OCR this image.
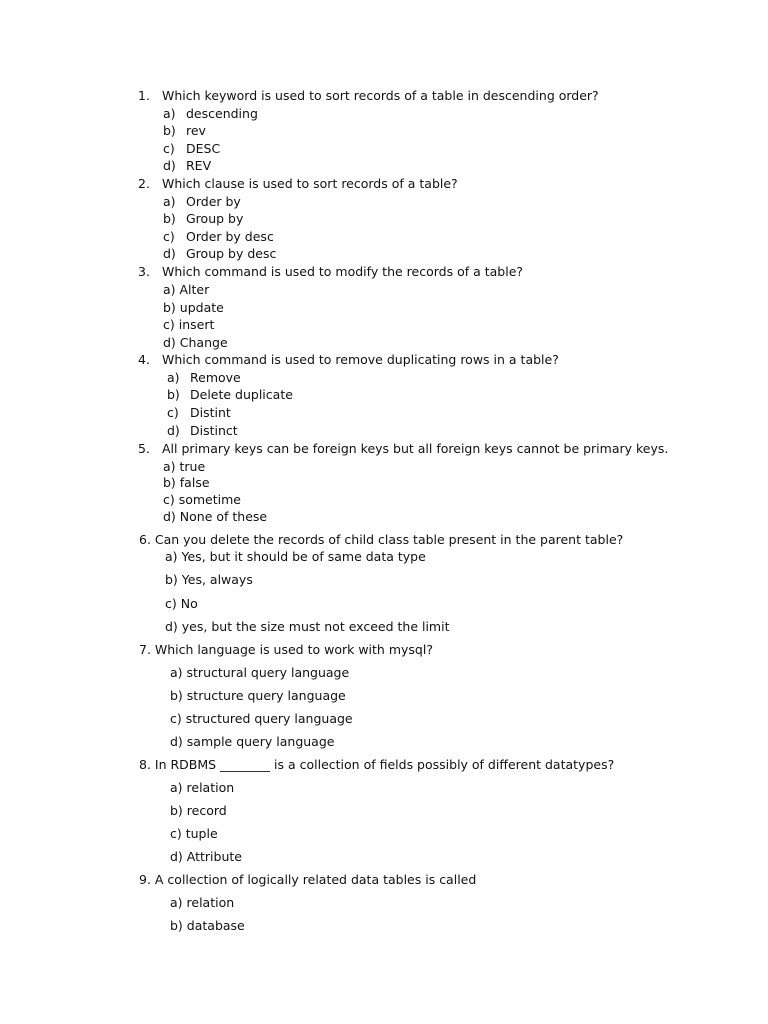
1. Which keyword is used to sort records of a table in descending order?
a) descending
b) rev
c) DESC
d) REV
2. Which clause is used to sort records of a table?
a) Order by
b) Group by
c) Order by desc
d) Group by desc
3. Which command is used to modify the records of a table?
a) Alter
b) update
c) insert
d) Change
4. Which command is used to remove duplicating rows in a table?
a) Remove
b) Delete duplicate
c) Distint
d) Distinct
5. All primary keys can be foreign keys but all foreign keys cannot be primary keys.
a) true
b) false
c) sometime
d) None of these
6. Can you delete the records of child class table present in the parent table?
a) Yes, but it should be of same data type
b) Yes, always
c) No
d) yes, but the size must not exceed the limit
7. Which language is used to work with mysql?
a) structural query language
b) structure query language
c) structured query language
d) sample query language
8. In RDBMS ________ is a collection of fields possibly of different datatypes?
a) relation
b) record
c) tuple
d) Attribute
9. A collection of logically related data tables is called
a) relation
b) database
